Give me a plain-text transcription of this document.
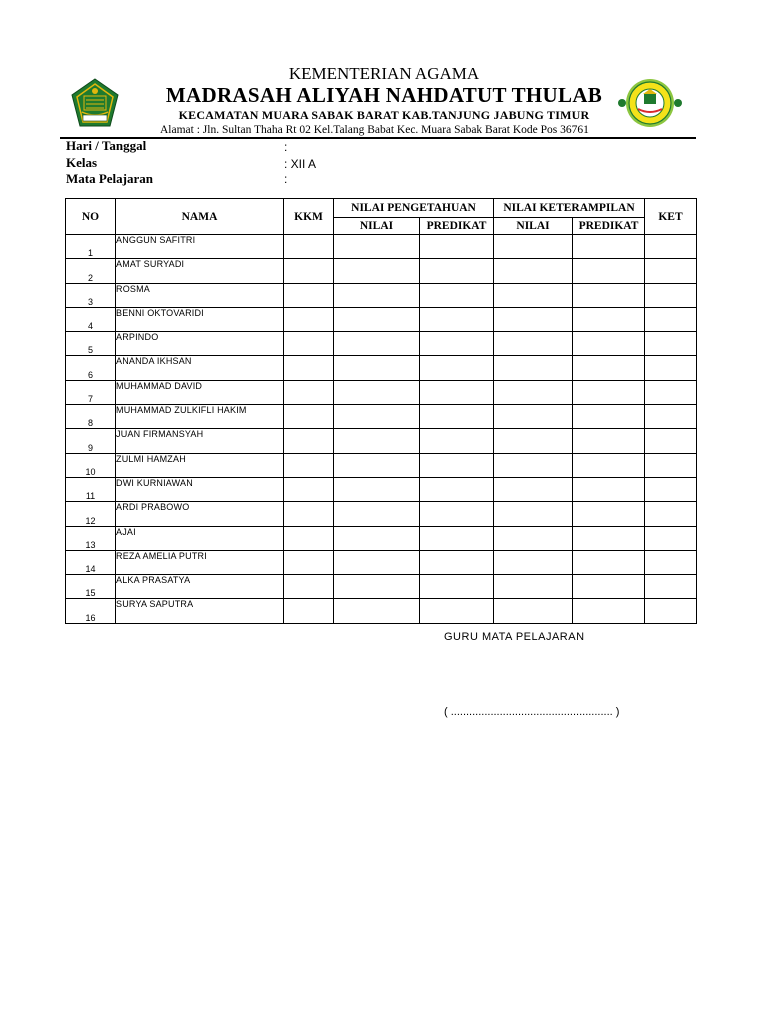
KEMENTERIAN AGAMA
MADRASAH ALIYAH NAHDATUT THULAB
KECAMATAN MUARA SABAK BARAT KAB.TANJUNG JABUNG TIMUR
Alamat : Jln. Sultan Thaha Rt 02 Kel.Talang Babat Kec. Muara Sabak Barat Kode Pos 36761
Hari / Tanggal	:
Kelas	: XII A
Mata Pelajaran	:
NO	NAMA	KKM	NILAI PENGETAHUAN		NILAI KETERAMPILAN		KET
			NILAI	PREDIKAT	NILAI	PREDIKAT	
1	ANGGUN SAFITRI						
2	AMAT SURYADI						
3	ROSMA						
4	BENNI OKTOVARIDI						
5	ARPINDO						
6	ANANDA IKHSAN						
7	MUHAMMAD DAVID						
8	MUHAMMAD ZULKIFLI HAKIM						
9	JUAN FIRMANSYAH						
10	ZULMI HAMZAH						
11	DWI KURNIAWAN						
12	ARDI PRABOWO						
13	AJAI						
14	REZA AMELIA PUTRI						
15	ALKA PRASATYA						
16	SURYA SAPUTRA						
GURU MATA PELAJARAN
( ..................................................... )
